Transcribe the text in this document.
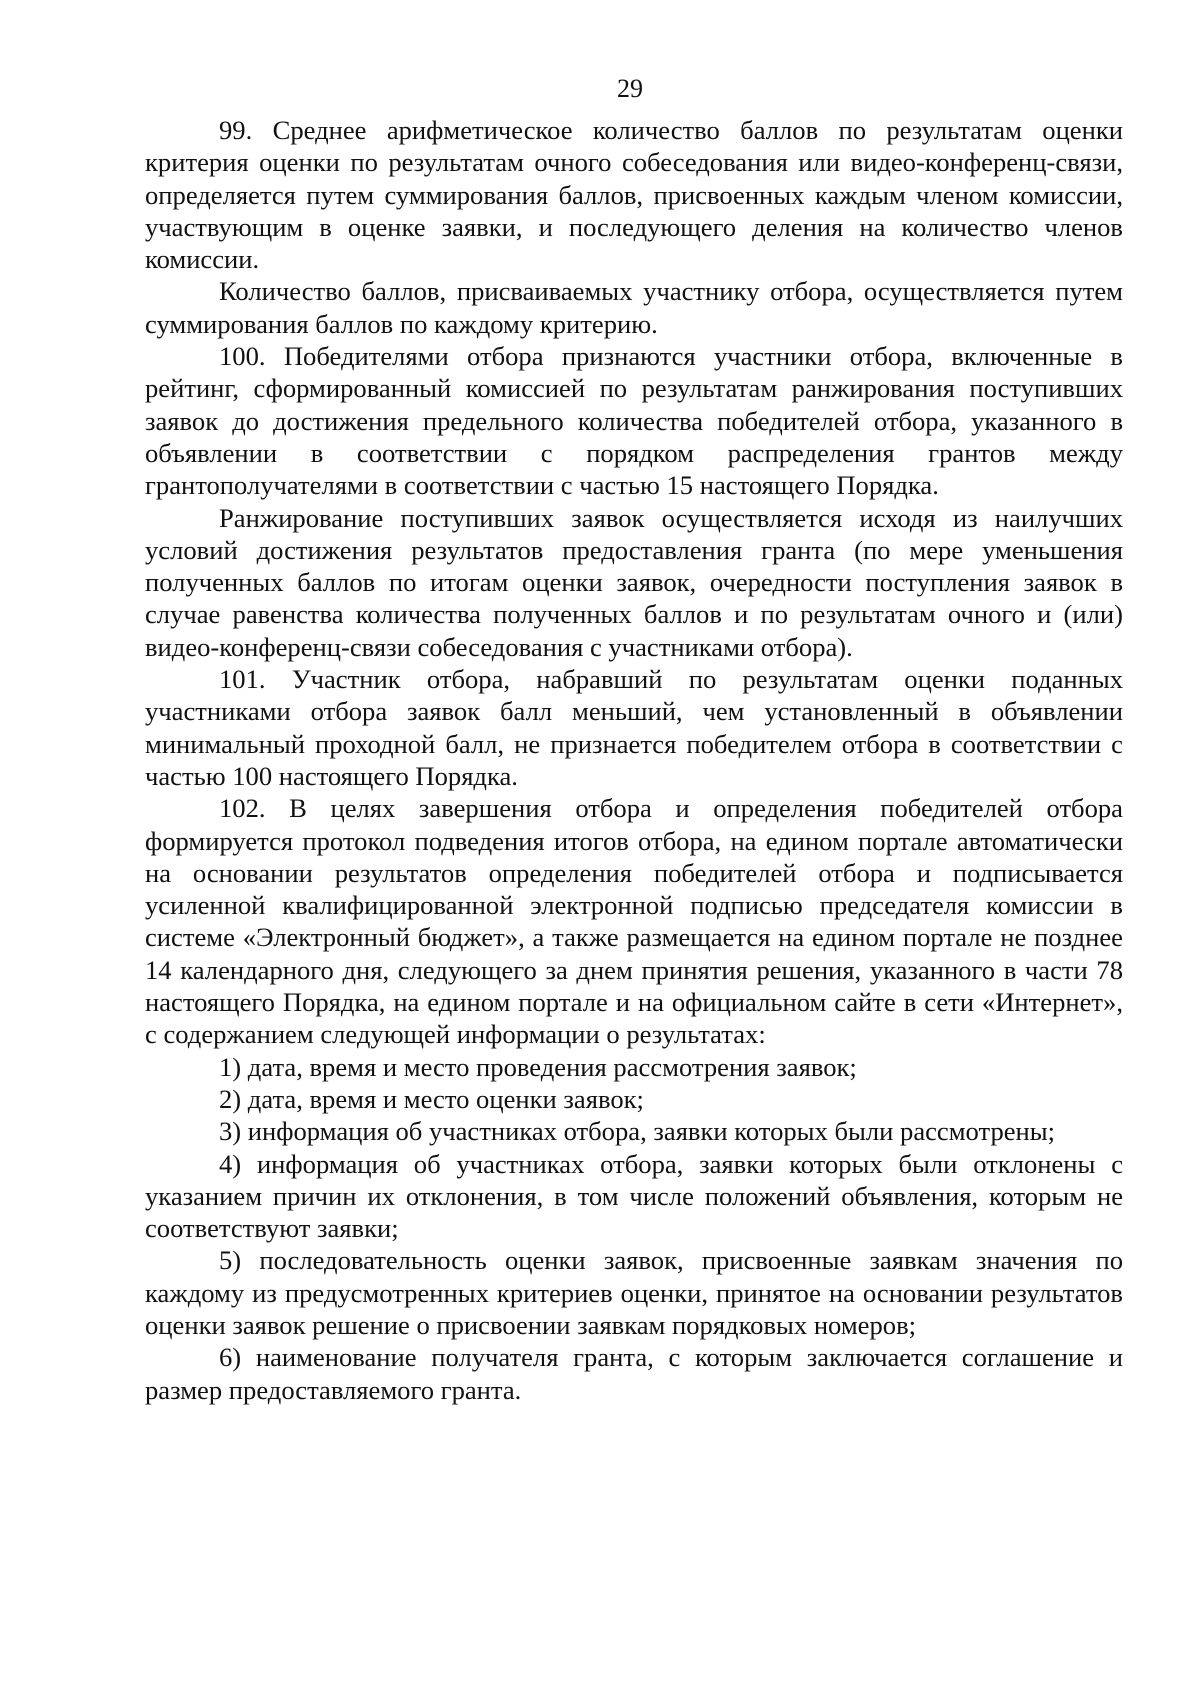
29

99. Среднее арифметическое количество баллов по результатам оценки критерия оценки по результатам очного собеседования или видео-конференц-связи, определяется путем суммирования баллов, присвоенных каждым членом комиссии, участвующим в оценке заявки, и последующего деления на количество членов комиссии.

Количество баллов, присваиваемых участнику отбора, осуществляется путем суммирования баллов по каждому критерию.

100. Победителями отбора признаются участники отбора, включенные в рейтинг, сформированный комиссией по результатам ранжирования поступивших заявок до достижения предельного количества победителей отбора, указанного в объявлении в соответствии с порядком распределения грантов между грантополучателями в соответствии с частью 15 настоящего Порядка.

Ранжирование поступивших заявок осуществляется исходя из наилучших условий достижения результатов предоставления гранта (по мере уменьшения полученных баллов по итогам оценки заявок, очередности поступления заявок в случае равенства количества полученных баллов и по результатам очного и (или) видео-конференц-связи собеседования с участниками отбора).

101. Участник отбора, набравший по результатам оценки поданных участниками отбора заявок балл меньший, чем установленный в объявлении минимальный проходной балл, не признается победителем отбора в соответствии с частью 100 настоящего Порядка.

102. В целях завершения отбора и определения победителей отбора формируется протокол подведения итогов отбора, на едином портале автоматически на основании результатов определения победителей отбора и подписывается усиленной квалифицированной электронной подписью председателя комиссии в системе «Электронный бюджет», а также размещается на едином портале не позднее 14 календарного дня, следующего за днем принятия решения, указанного в части 78 настоящего Порядка, на едином портале и на официальном сайте в сети «Интернет», с содержанием следующей информации о результатах:

1) дата, время и место проведения рассмотрения заявок;

2) дата, время и место оценки заявок;

3) информация об участниках отбора, заявки которых были рассмотрены;

4) информация об участниках отбора, заявки которых были отклонены с указанием причин их отклонения, в том числе положений объявления, которым не соответствуют заявки;

5) последовательность оценки заявок, присвоенные заявкам значения по каждому из предусмотренных критериев оценки, принятое на основании результатов оценки заявок решение о присвоении заявкам порядковых номеров;

6) наименование получателя гранта, с которым заключается соглашение и размер предоставляемого гранта.
